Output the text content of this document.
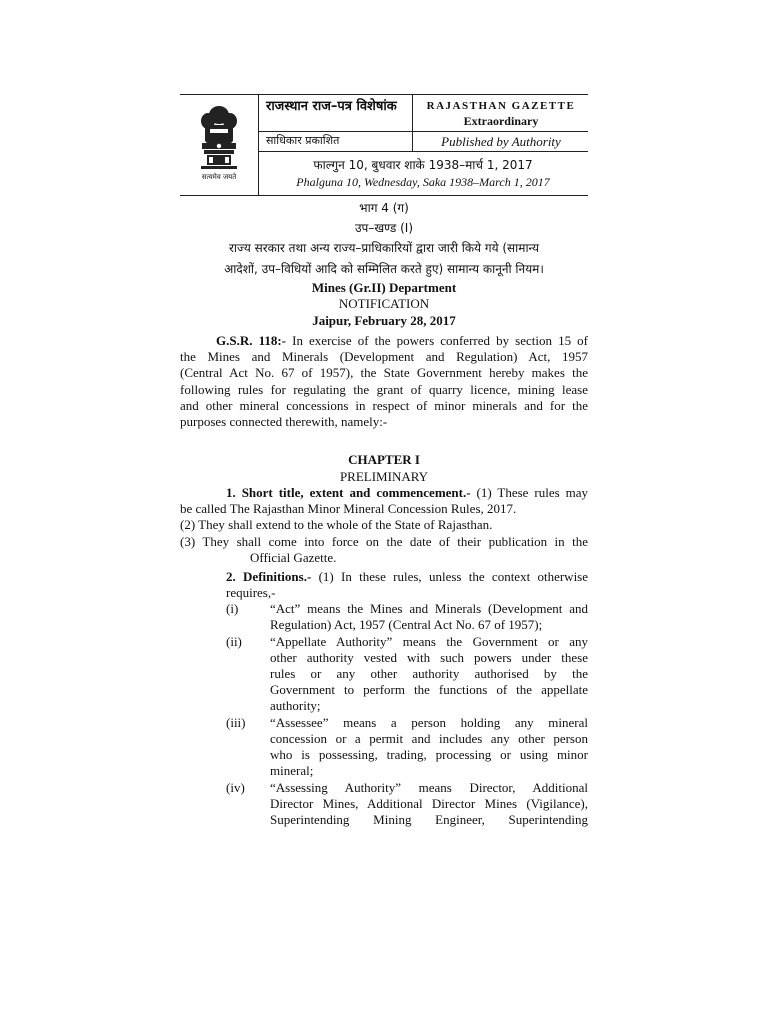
सत्यमेव जयते
राजस्थान राज–पत्र विशेषांक	RAJASTHAN GAZETTE
Extraordinary
साधिकार प्रकाशित	Published by Authority
फाल्गुन 10, बुधवार शाके 1938–मार्च 1, 2017
Phalguna 10, Wednesday, Saka 1938–March 1, 2017
भाग 4 (ग)
उप–खण्ड (I)
राज्य सरकार तथा अन्य राज्य–प्राधिकारियों द्वारा जारी किये गये (सामान्य
आदेशों, उप–विधियों आदि को सम्मिलित करते हुए) सामान्य कानूनी नियम।
Mines (Gr.II) Department
NOTIFICATION
Jaipur, February 28, 2017
G.S.R. 118:- In exercise of the powers conferred by section 15 of
the Mines and Minerals (Development and Regulation) Act, 1957
(Central Act No. 67 of 1957), the State Government hereby makes the
following rules for regulating the grant of quarry licence, mining lease
and other mineral concessions in respect of minor minerals and for the
purposes connected therewith, namely:-
CHAPTER I
PRELIMINARY
1. Short title, extent and commencement.- (1) These rules may
be called The Rajasthan Minor Mineral Concession Rules, 2017.
(2) They shall extend to the whole of the State of Rajasthan.
(3) They shall come into force on the date of their publication in the
Official Gazette.
2. Definitions.- (1) In these rules, unless the context otherwise
requires,-
(i) “Act” means the Mines and Minerals (Development and
Regulation) Act, 1957 (Central Act No. 67 of 1957);
(ii) “Appellate Authority” means the Government or any
other authority vested with such powers under these
rules or any other authority authorised by the
Government to perform the functions of the appellate
authority;
(iii) “Assessee” means a person holding any mineral
concession or a permit and includes any other person
who is possessing, trading, processing or using minor
mineral;
(iv) “Assessing Authority” means Director, Additional
Director Mines, Additional Director Mines (Vigilance),
Superintending Mining Engineer, Superintending
